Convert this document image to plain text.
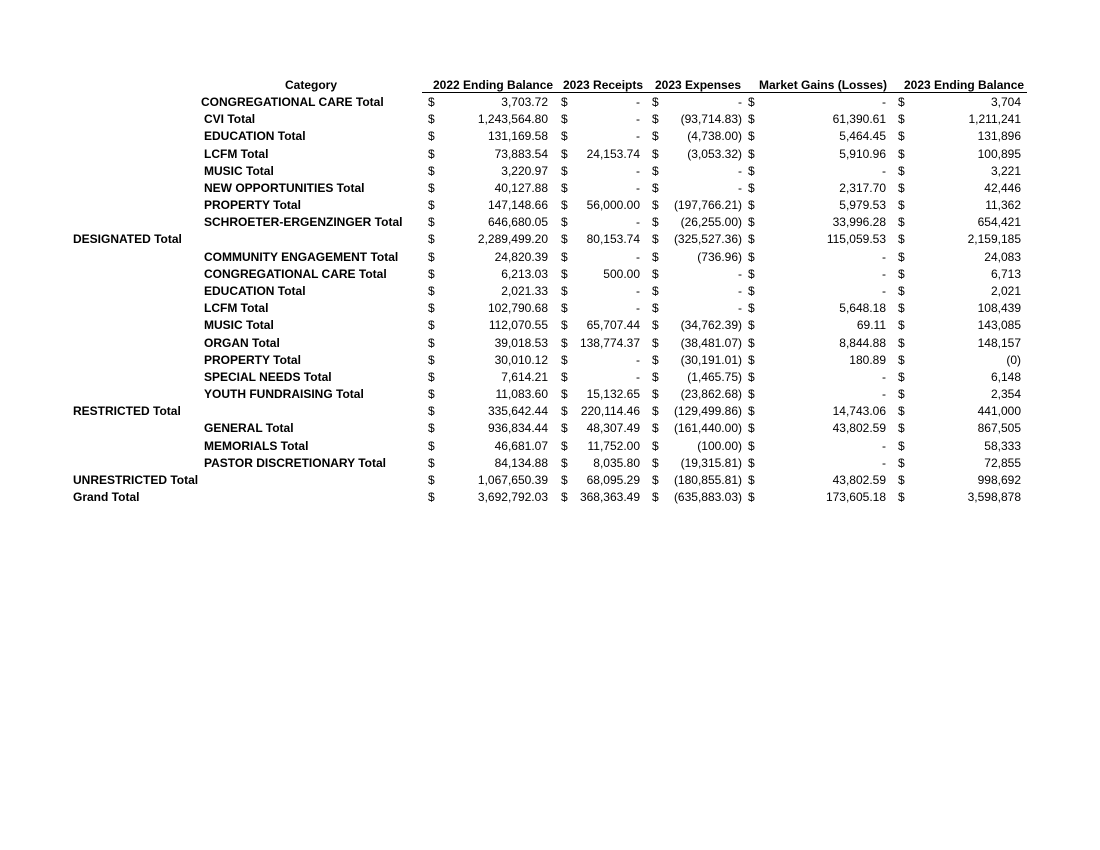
Category	2022 Ending Balance 2023 Receipts 2023 Expenses Market Gains (Losses) 2023 Ending Balance
CONGREGATIONAL CARE Total	$	3,703.72 $	-	$	- $	-	$	3,704
CVI Total	$	1,243,564.80 $	-	$	(93,714.83) $	61,390.61 $	1,211,241
EDUCATION Total	$	131,169.58 $	-	$	(4,738.00) $	5,464.45 $	131,896
LCFM Total	$	73,883.54 $	24,153.74 $	(3,053.32) $	5,910.96 $	100,895
MUSIC Total	$	3,220.97 $	-	$	- $	-	$	3,221
NEW OPPORTUNITIES Total	$	40,127.88 $	-	$	- $	2,317.70 $	42,446
PROPERTY Total	$	147,148.66 $	56,000.00 $	(197,766.21) $	5,979.53 $	11,362
SCHROETER-ERGENZINGER Total $	646,680.05 $	-	$	(26,255.00) $	33,996.28 $	654,421
DESIGNATED Total	$	2,289,499.20 $	80,153.74 $	(325,527.36) $	115,059.53 $	2,159,185
COMMUNITY ENGAGEMENT Total $	24,820.39 $	-	$	(736.96) $	-	$	24,083
CONGREGATIONAL CARE Total	$	6,213.03 $	500.00 $	- $	-	$	6,713
EDUCATION Total	$	2,021.33 $	-	$	- $	-	$	2,021
LCFM Total	$	102,790.68 $	-	$	- $	5,648.18 $	108,439
MUSIC Total	$	112,070.55 $	65,707.44 $	(34,762.39) $	69.11 $	143,085
ORGAN Total	$	39,018.53 $	138,774.37 $	(38,481.07) $	8,844.88 $	148,157
PROPERTY Total	$	30,010.12 $	-	$	(30,191.01) $	180.89 $	(0)
SPECIAL NEEDS Total	$	7,614.21 $	-	$	(1,465.75) $	-	$	6,148
YOUTH FUNDRAISING Total	$	11,083.60 $	15,132.65 $	(23,862.68) $	-	$	2,354
RESTRICTED Total	$	335,642.44 $	220,114.46 $	(129,499.86) $	14,743.06 $	441,000
GENERAL Total	$	936,834.44 $	48,307.49 $	(161,440.00) $	43,802.59 $	867,505
MEMORIALS Total	$	46,681.07 $	11,752.00 $	(100.00) $	-	$	58,333
PASTOR DISCRETIONARY Total	$	84,134.88 $	8,035.80 $	(19,315.81) $	-	$	72,855
UNRESTRICTED Total	$	1,067,650.39 $	68,095.29 $	(180,855.81) $	43,802.59 $	998,692
Grand Total	$	3,692,792.03 $	368,363.49 $	(635,883.03) $	173,605.18 $	3,598,878
